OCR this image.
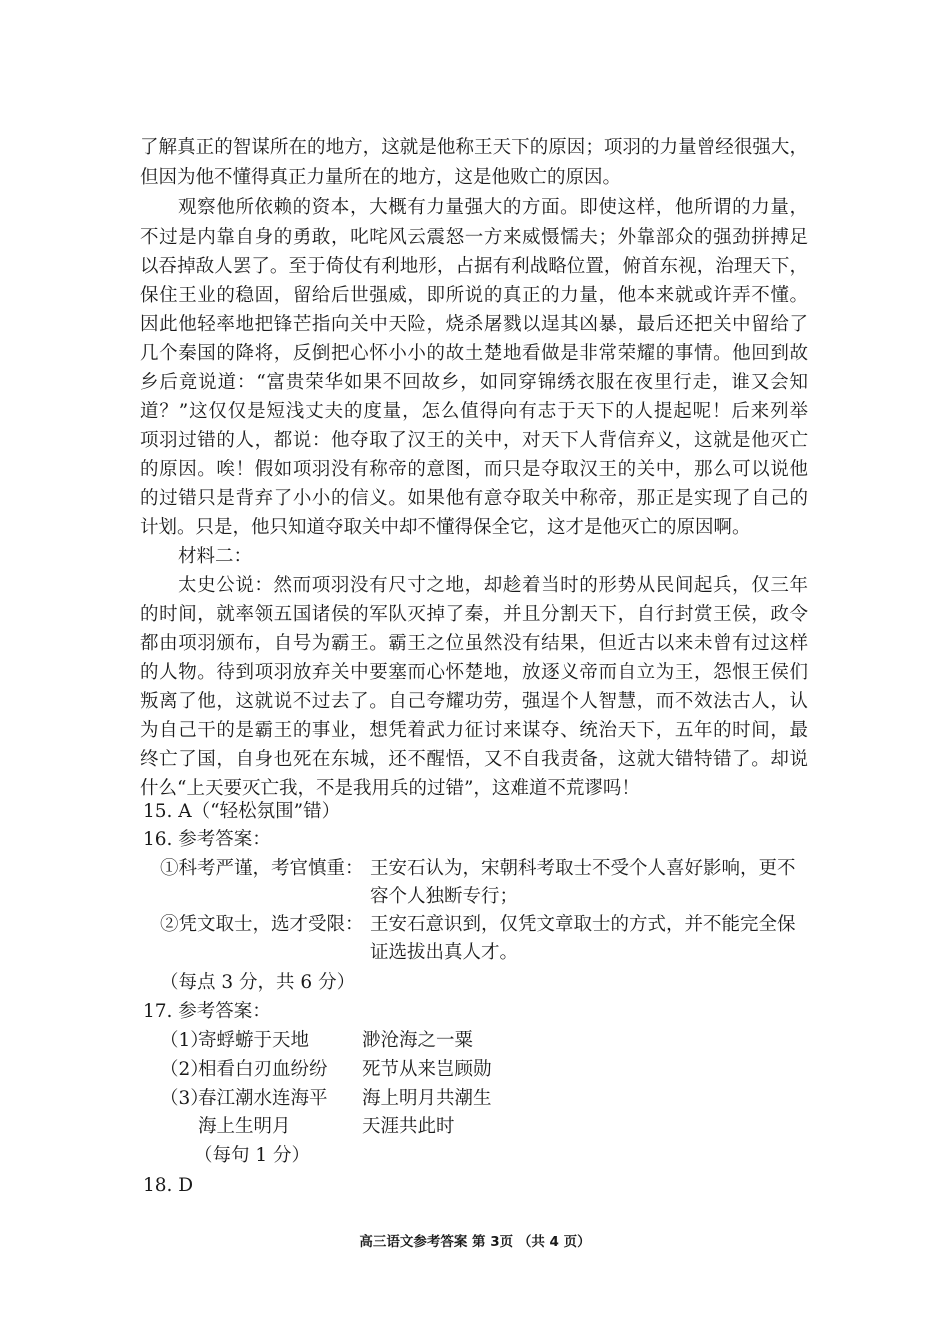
了解真正的智谋所在的地方，这就是他称王天下的原因；项羽的力量曾经很强大，
但因为他不懂得真正力量所在的地方，这是他败亡的原因。
观察他所依赖的资本，大概有力量强大的方面。即使这样，他所谓的力量，
不过是内靠自身的勇敢，叱咤风云震怒一方来威慑懦夫；外靠部众的强劲拼搏足
以吞掉敌人罢了。至于倚仗有利地形，占据有利战略位置，俯首东视，治理天下，
保住王业的稳固，留给后世强威，即所说的真正的力量，他本来就或许弄不懂。
因此他轻率地把锋芒指向关中天险，烧杀屠戮以逞其凶暴，最后还把关中留给了
几个秦国的降将，反倒把心怀小小的故土楚地看做是非常荣耀的事情。他回到故
乡后竟说道：“富贵荣华如果不回故乡，如同穿锦绣衣服在夜里行走，谁又会知
道？”这仅仅是短浅丈夫的度量，怎么值得向有志于天下的人提起呢！后来列举
项羽过错的人，都说：他夺取了汉王的关中，对天下人背信弃义，这就是他灭亡
的原因。唉！假如项羽没有称帝的意图，而只是夺取汉王的关中，那么可以说他
的过错只是背弃了小小的信义。如果他有意夺取关中称帝，那正是实现了自己的
计划。只是，他只知道夺取关中却不懂得保全它，这才是他灭亡的原因啊。
材料二：
太史公说：然而项羽没有尺寸之地，却趁着当时的形势从民间起兵，仅三年
的时间，就率领五国诸侯的军队灭掉了秦，并且分割天下，自行封赏王侯，政令
都由项羽颁布，自号为霸王。霸王之位虽然没有结果，但近古以来未曾有过这样
的人物。待到项羽放弃关中要塞而心怀楚地，放逐义帝而自立为王，怨恨王侯们
叛离了他，这就说不过去了。自己夸耀功劳，强逞个人智慧，而不效法古人，认
为自己干的是霸王的事业，想凭着武力征讨来谋夺、统治天下，五年的时间，最
终亡了国，自身也死在东城，还不醒悟，又不自我责备，这就大错特错了。却说
什么“上天要灭亡我，不是我用兵的过错”，这难道不荒谬吗！
15. A（“轻松氛围”错）
16. 参考答案：
①科考严谨，考官慎重： 王安石认为，宋朝科考取士不受个人喜好影响，更不
容个人独断专行；
②凭文取士，选才受限： 王安石意识到，仅凭文章取士的方式，并不能完全保
证选拔出真人才。
（每点 3 分，共 6 分）
17. 参考答案：
（1）
寄蜉蝣于天地	渺沧海之一粟
（2）
相看白刃血纷纷 死节从来岂顾勋
（3）
春江潮水连海平 海上明月共潮生
海上生明月	天涯共此时
（每句 1 分）
18. D
高三语文参考答案 第 3页 （共 4 页）
